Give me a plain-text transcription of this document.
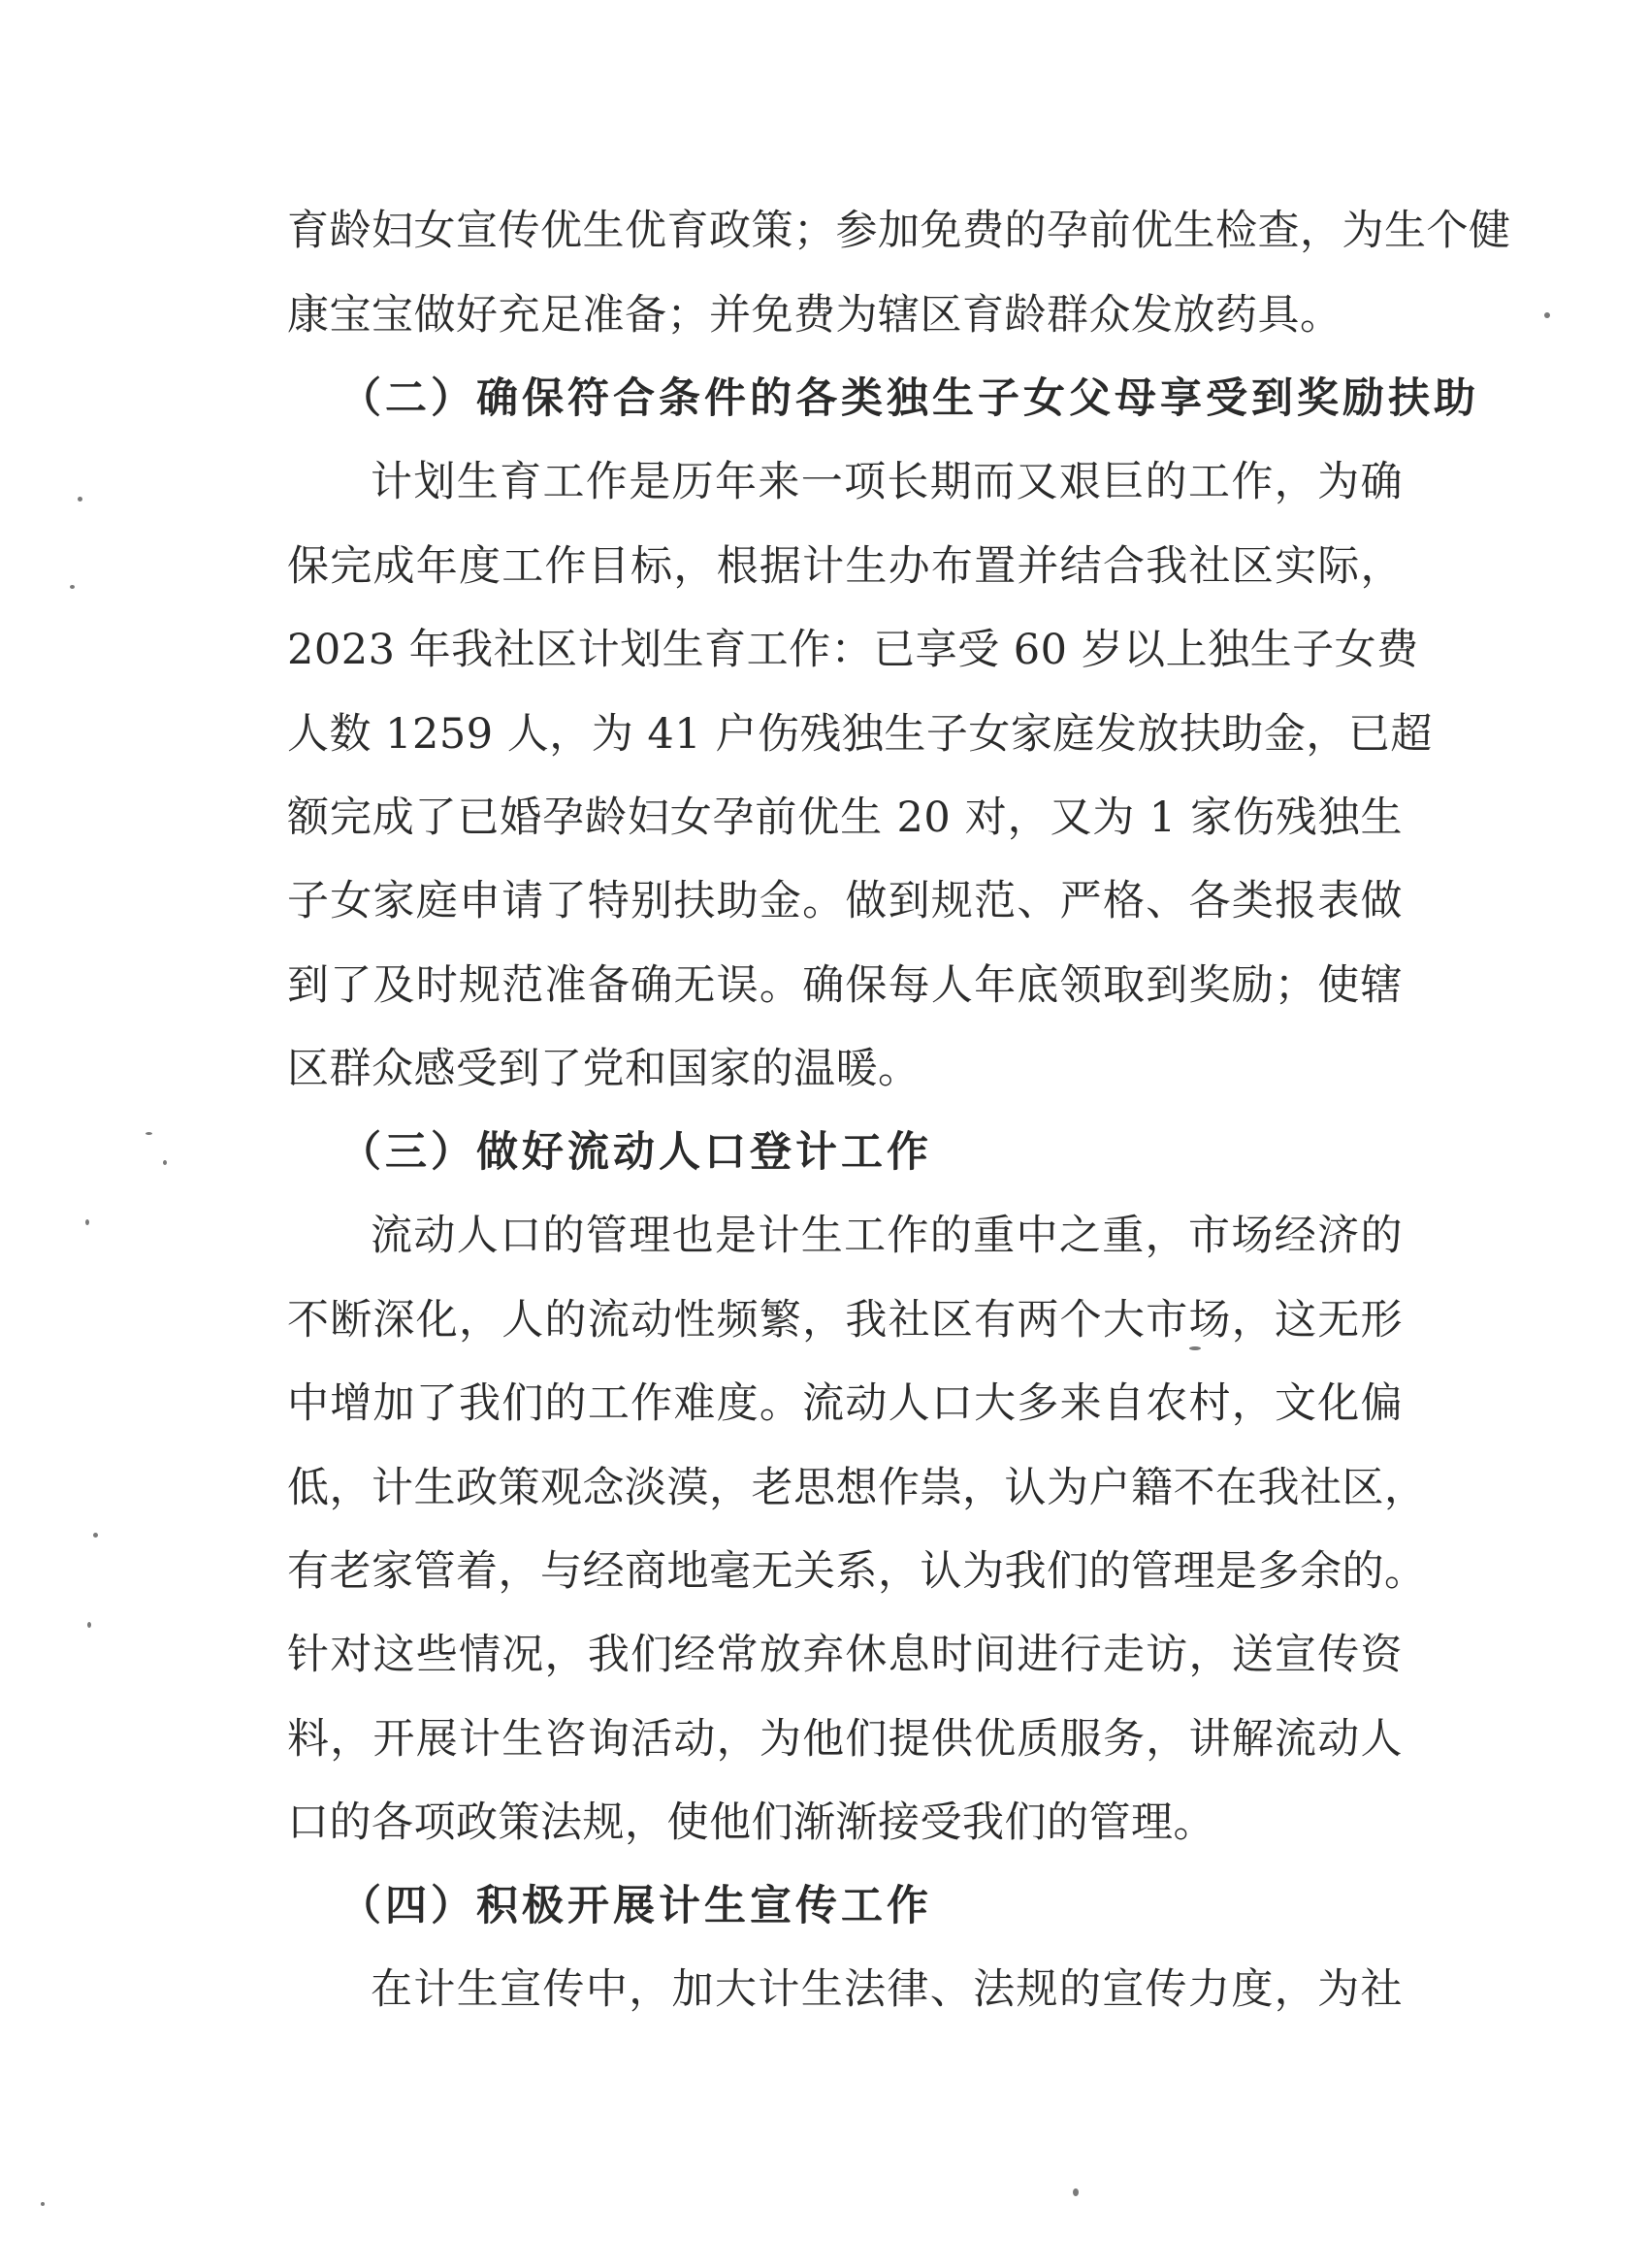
育龄妇女宣传优生优育政策；参加免费的孕前优生检查，为生个健
康宝宝做好充足准备；并免费为辖区育龄群众发放药具。
（二）确保符合条件的各类独生子女父母享受到奖励扶助
计划生育工作是历年来一项长期而又艰巨的工作，为确
保完成年度工作目标，根据计生办布置并结合我社区实际，
2023 年我社区计划生育工作：已享受 60 岁以上独生子女费
人数 1259 人，为 41 户伤残独生子女家庭发放扶助金，已超
额完成了已婚孕龄妇女孕前优生 20 对，又为 1 家伤残独生
子女家庭申请了特别扶助金。做到规范、严格、各类报表做
到了及时规范准备确无误。确保每人年底领取到奖励；使辖
区群众感受到了党和国家的温暖。
（三）做好流动人口登计工作
流动人口的管理也是计生工作的重中之重，市场经济的
不断深化，人的流动性频繁，我社区有两个大市场，这无形
中增加了我们的工作难度。流动人口大多来自农村，文化偏
低，计生政策观念淡漠，老思想作祟，认为户籍不在我社区，
有老家管着，与经商地毫无关系，认为我们的管理是多余的。
针对这些情况，我们经常放弃休息时间进行走访，送宣传资
料，开展计生咨询活动，为他们提供优质服务，讲解流动人
口的各项政策法规，使他们渐渐接受我们的管理。
（四）积极开展计生宣传工作
在计生宣传中，加大计生法律、法规的宣传力度，为社
